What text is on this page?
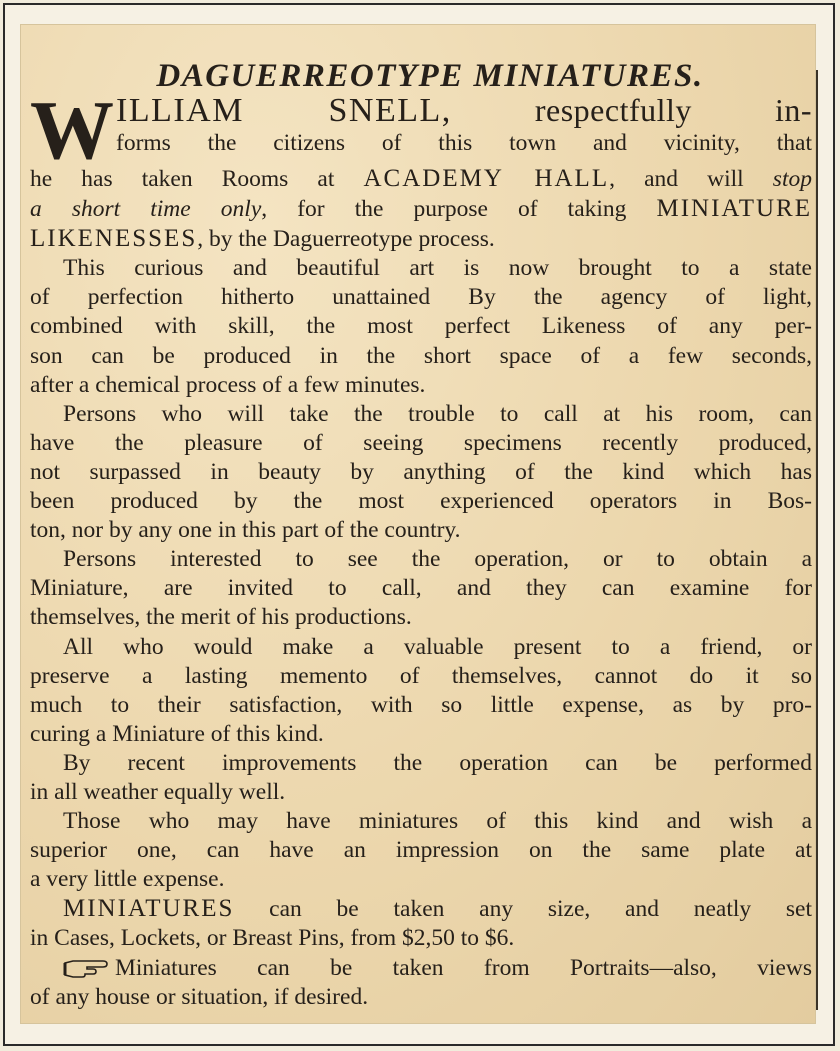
DAGUERREOTYPE MINIATURES.
W ILLIAM SNELL, respectfully in-
forms the citizens of this town and vicinity, that
he has taken Rooms at ACADEMY HALL, and will stop
a short time only, for the purpose of taking MINIATURE
LIKENESSES, by the Daguerreotype process.
This curious and beautiful art is now brought to a state
of perfection hitherto unattained By the agency of light,
combined with skill, the most perfect Likeness of any per-
son can be produced in the short space of a few seconds,
after a chemical process of a few minutes.
Persons who will take the trouble to call at his room, can
have the pleasure of seeing specimens recently produced,
not surpassed in beauty by anything of the kind which has
been produced by the most experienced operators in Bos-
ton, nor by any one in this part of the country.
Persons interested to see the operation, or to obtain a
Miniature, are invited to call, and they can examine for
themselves, the merit of his productions.
All who would make a valuable present to a friend, or
preserve a lasting memento of themselves, cannot do it so
much to their satisfaction, with so little expense, as by pro-
curing a Miniature of this kind.
By recent improvements the operation can be performed
in all weather equally well.
Those who may have miniatures of this kind and wish a
superior one, can have an impression on the same plate at
a very little expense.
MINIATURES can be taken any size, and neatly set
in Cases, Lockets, or Breast Pins, from $2,50 to $6.
Miniatures can be taken from Portraits—also, views
of any house or situation, if desired.
